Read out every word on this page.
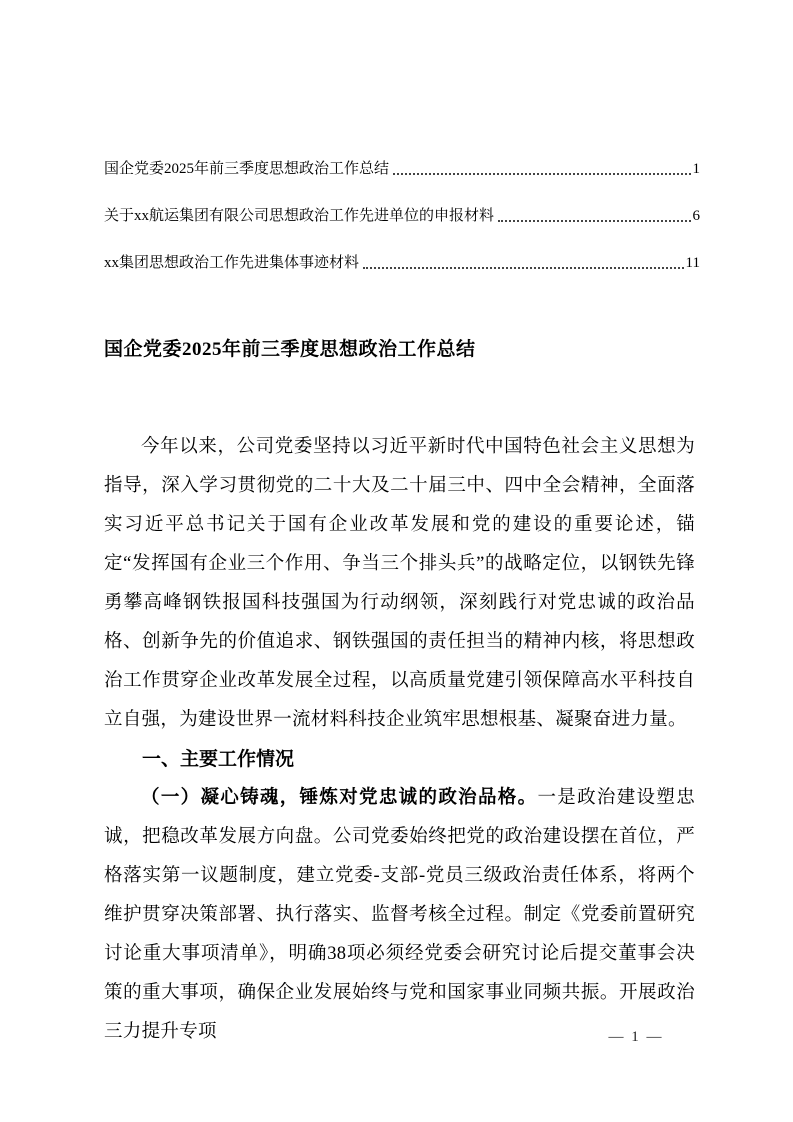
国企党委2025年前三季度思想政治工作总结	1
关于xx航运集团有限公司思想政治工作先进单位的申报材料	6
xx集团思想政治工作先进集体事迹材料	11
国企党委2025年前三季度思想政治工作总结

今年以来，公司党委坚持以习近平新时代中国特色社会主义思想为指导，深入学习贯彻党的二十大及二十届三中、四中全会精神，全面落实习近平总书记关于国有企业改革发展和党的建设的重要论述，锚定“发挥国有企业三个作用、争当三个排头兵”的战略定位，以钢铁先锋勇攀高峰钢铁报国科技强国为行动纲领，深刻践行对党忠诚的政治品格、创新争先的价值追求、钢铁强国的责任担当的精神内核，将思想政治工作贯穿企业改革发展全过程，以高质量党建引领保障高水平科技自立自强，为建设世界一流材料科技企业筑牢思想根基、凝聚奋进力量。

一、主要工作情况

（一）凝心铸魂，锤炼对党忠诚的政治品格。一是政治建设塑忠诚，把稳改革发展方向盘。公司党委始终把党的政治建设摆在首位，严格落实第一议题制度，建立党委-支部-党员三级政治责任体系，将两个维护贯穿决策部署、执行落实、监督考核全过程。制定《党委前置研究讨论重大事项清单》，明确38项必须经党委会研究讨论后提交董事会决策的重大事项，确保企业发展始终与党和国家事业同频共振。开展政治三力提升专项	— 1 —
